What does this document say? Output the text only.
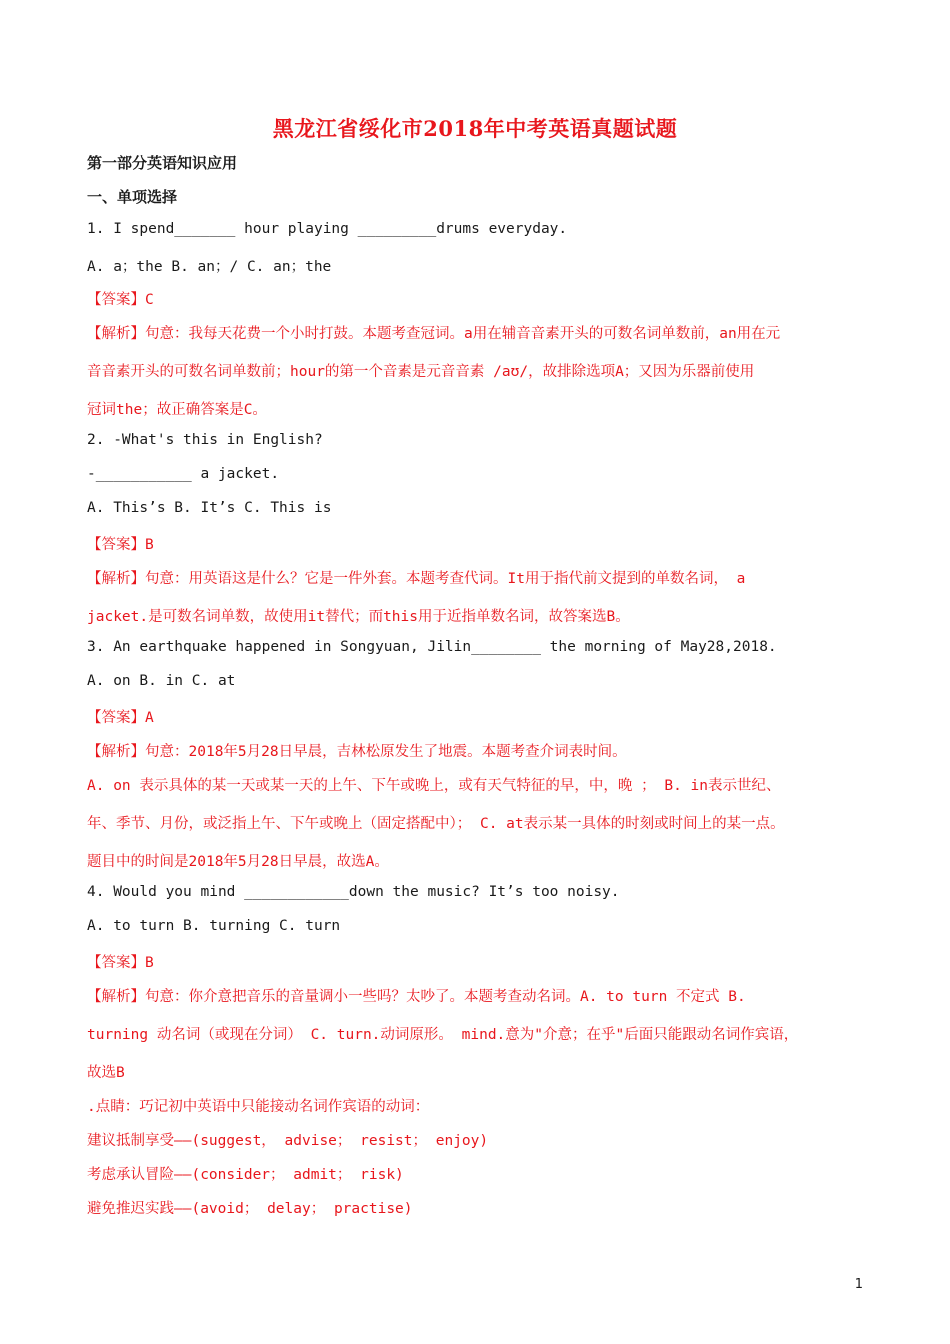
黑龙江省绥化市2018年中考英语真题试题
第一部分英语知识应用
一、单项选择
1. I spend_______ hour playing _________drums everyday.
A. a；the B. an；/ C. an；the
【答案】C
【解析】句意：我每天花费一个小时打鼓。本题考查冠词。a用在辅音音素开头的可数名词单数前，an用在元
音音素开头的可数名词单数前；hour的第一个音素是元音音素 /aʊ/，故排除选项A；又因为乐器前使用
冠词the；故正确答案是C。
2. -What's this in English?
-___________ a jacket.
A. This’s B. It’s C. This is
【答案】B
【解析】句意：用英语这是什么？它是一件外套。本题考查代词。It用于指代前文提到的单数名词， a
jacket.是可数名词单数，故使用it替代；而this用于近指单数名词，故答案选B。
3. An earthquake happened in Songyuan, Jilin________ the morning of May28,2018.
A. on B. in C. at
【答案】A
【解析】句意：2018年5月28日早晨，吉林松原发生了地震。本题考查介词表时间。
A. on 表示具体的某一天或某一天的上午、下午或晚上，或有天气特征的早，中，晚 ； B. in表示世纪、
年、季节、月份，或泛指上午、下午或晚上（固定搭配中）； C. at表示某一具体的时刻或时间上的某一点。
题目中的时间是2018年5月28日早晨，故选A。
4. Would you mind ____________down the music? It’s too noisy.
A. to turn B. turning C. turn
【答案】B
【解析】句意：你介意把音乐的音量调小一些吗？太吵了。本题考查动名词。A. to turn 不定式 B.
turning 动名词（或现在分词） C. turn.动词原形。 mind.意为"介意；在乎"后面只能跟动名词作宾语，
故选B
.点睛：巧记初中英语中只能接动名词作宾语的动词：
建议抵制享受——(suggest， advise； resist； enjoy)
考虑承认冒险——(consider； admit； risk)
避免推迟实践——(avoid； delay； practise)
1
